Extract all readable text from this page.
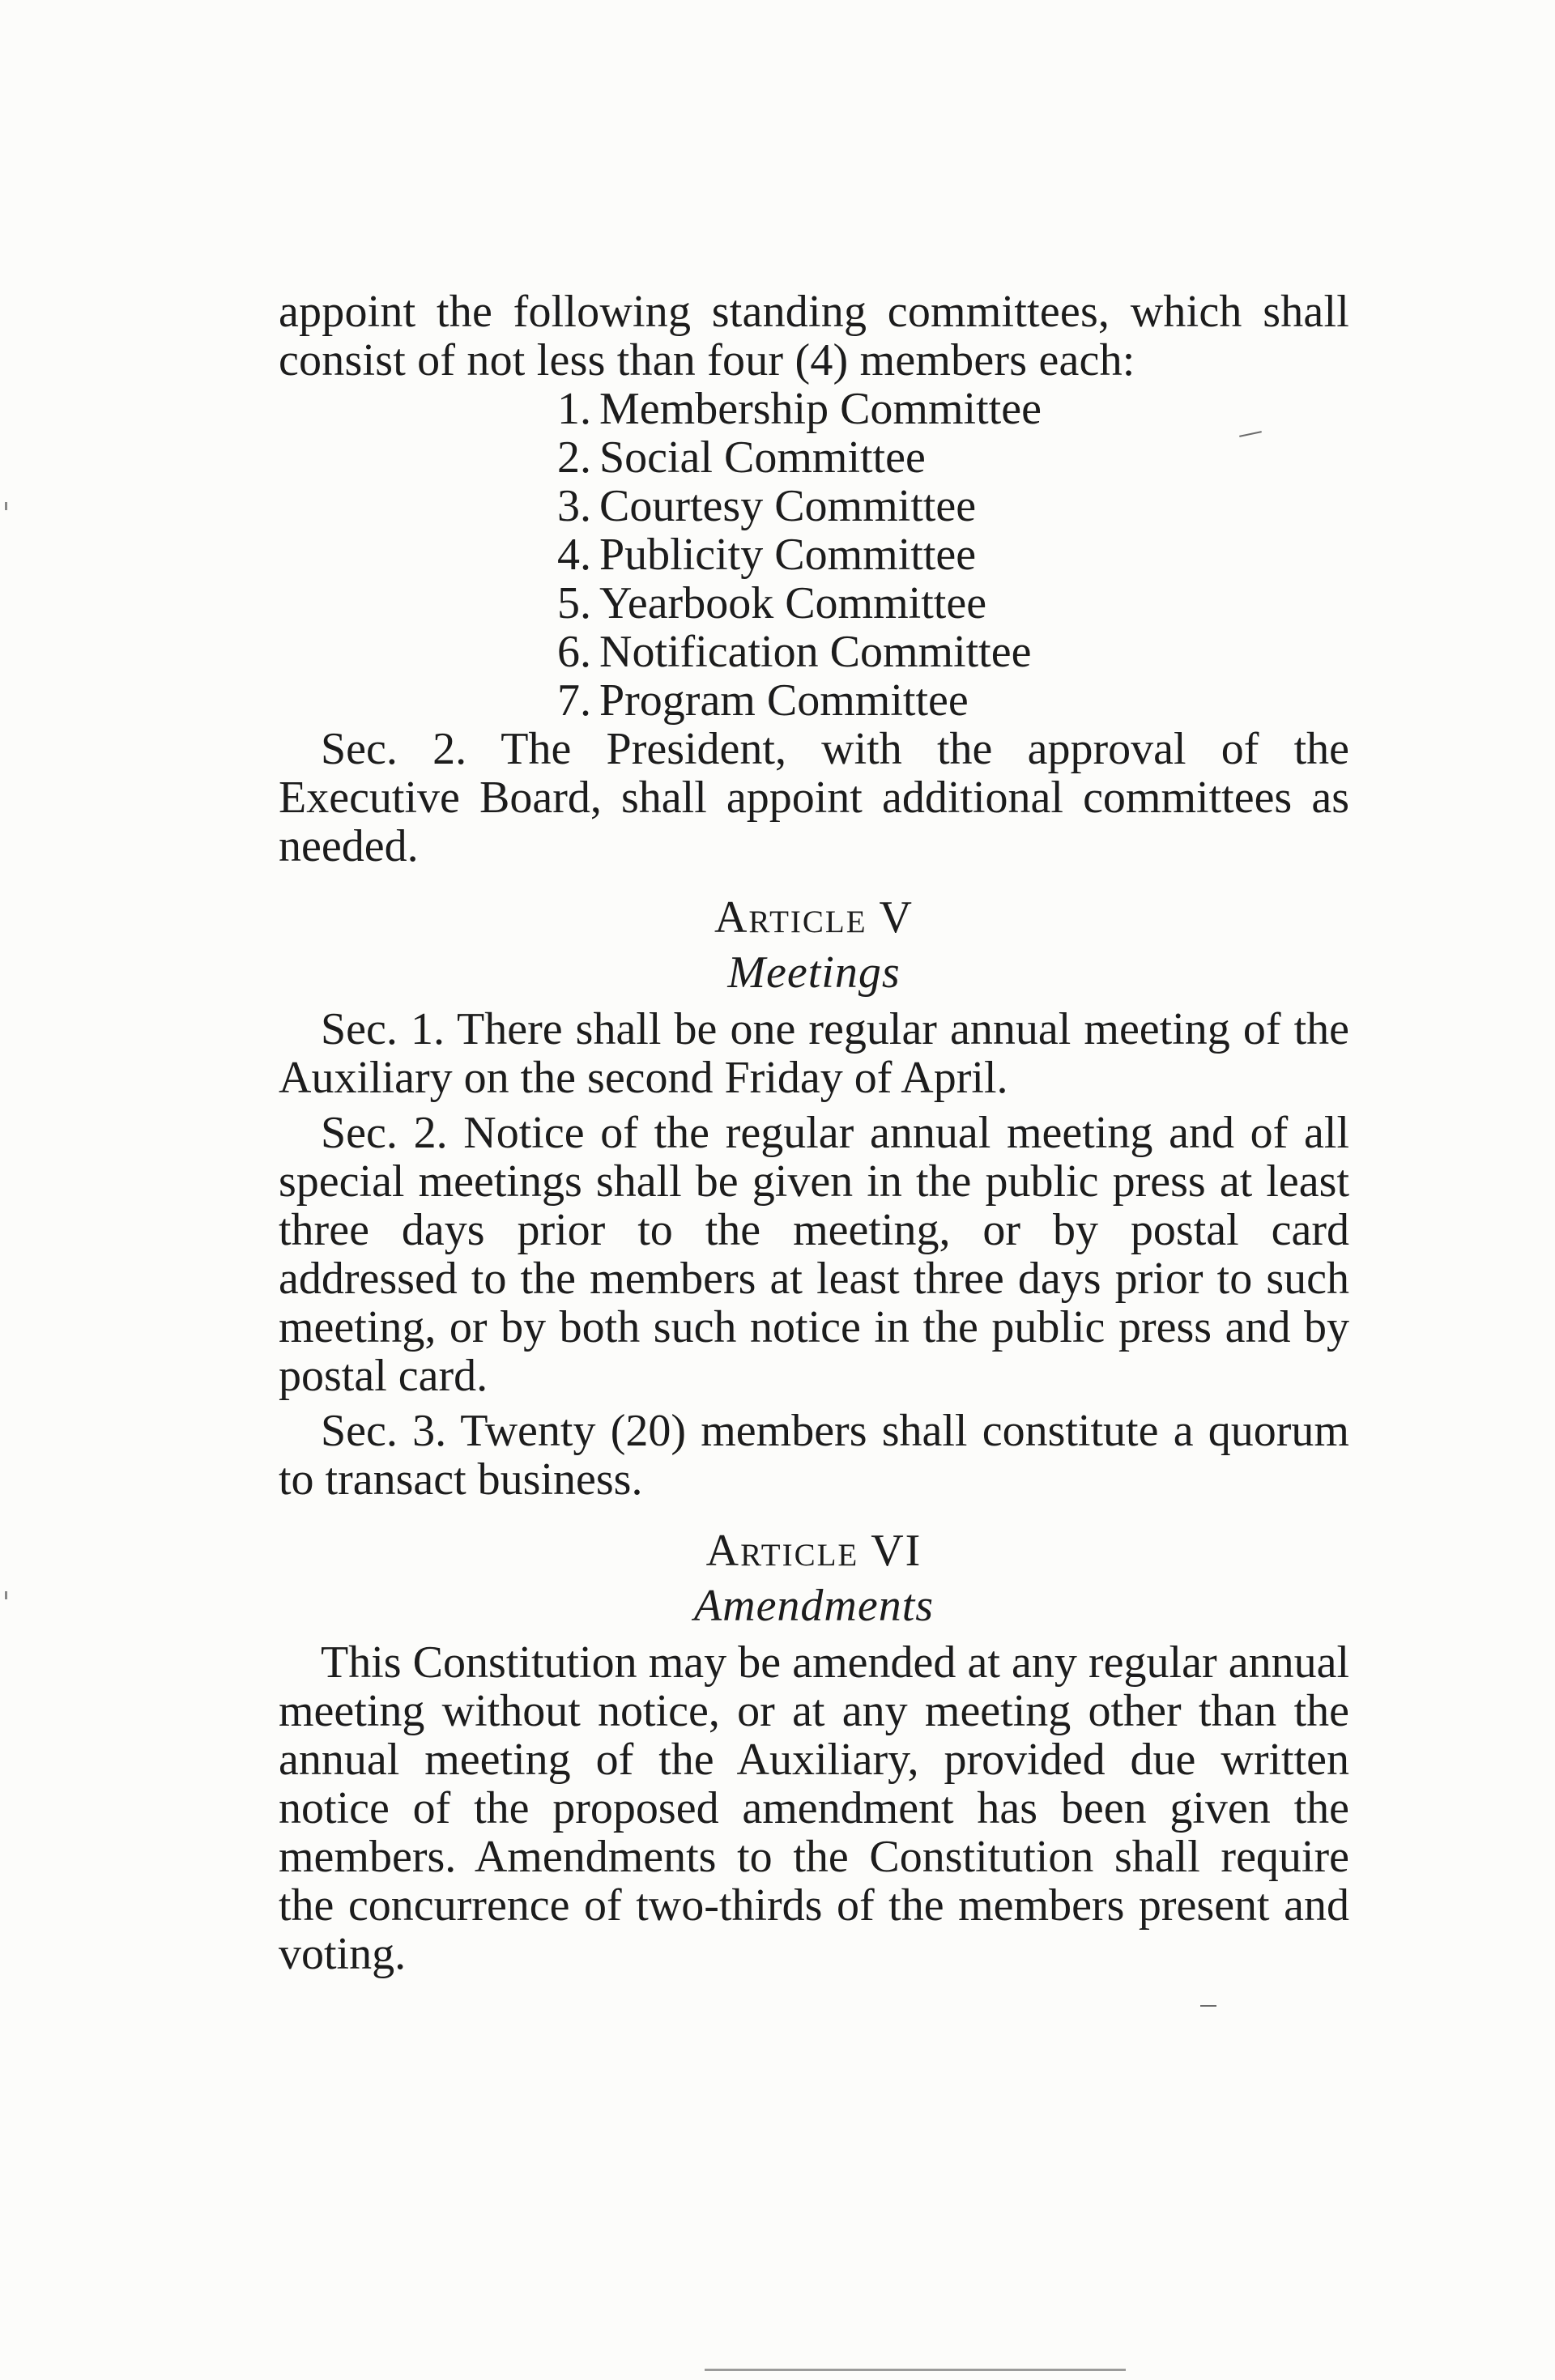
appoint the following standing committees, which shall consist of not less than four (4) members each:

1. Membership Committee
2. Social Committee
3. Courtesy Committee
4. Publicity Committee
5. Yearbook Committee
6. Notification Committee
7. Program Committee

Sec. 2. The President, with the approval of the Executive Board, shall appoint additional committees as needed.

Article V

Meetings

Sec. 1. There shall be one regular annual meeting of the Auxiliary on the second Friday of April.

Sec. 2. Notice of the regular annual meeting and of all special meetings shall be given in the public press at least three days prior to the meeting, or by postal card addressed to the members at least three days prior to such meeting, or by both such notice in the public press and by postal card.

Sec. 3. Twenty (20) members shall constitute a quorum to transact business.

Article VI

Amendments

This Constitution may be amended at any regular annual meeting without notice, or at any meeting other than the annual meeting of the Auxiliary, provided due written notice of the proposed amendment has been given the members. Amendments to the Constitution shall require the concurrence of two-thirds of the members present and voting.
